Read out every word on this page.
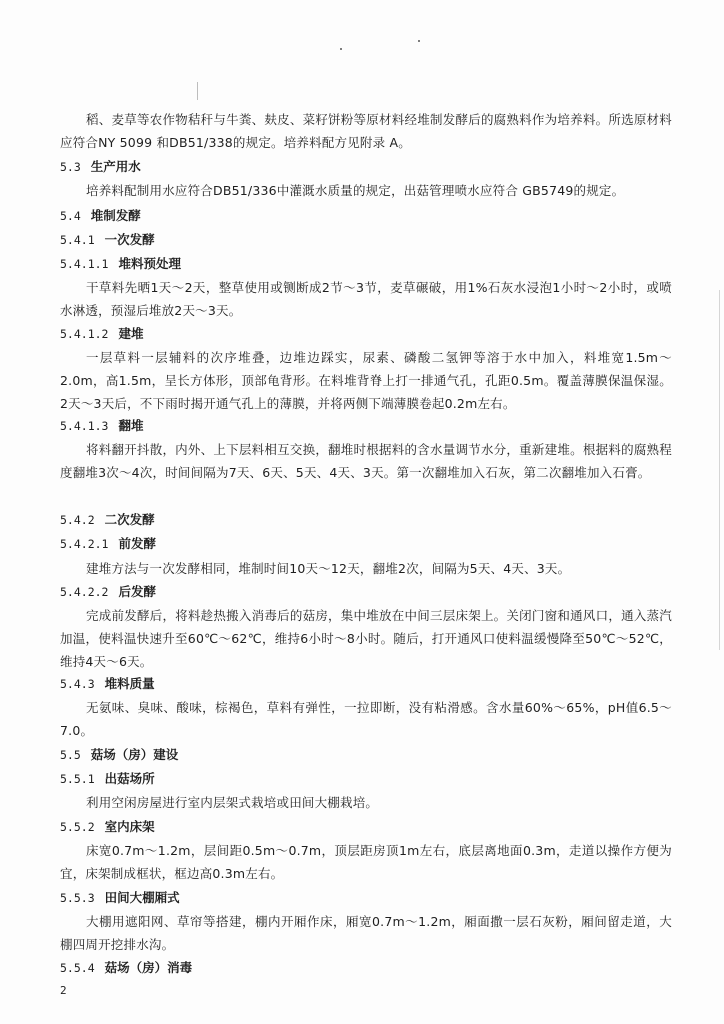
稻、麦草等农作物秸秆与牛粪、麸皮、菜籽饼粉等原材料经堆制发酵后的腐熟料作为培养料。所选原材料应符合NY 5099 和DB51/338的规定。培养料配方见附录 A。
5.3 生产用水
培养料配制用水应符合DB51/336中灌溉水质量的规定，出菇管理喷水应符合 GB5749的规定。
5.4 堆制发酵
5.4.1 一次发酵
5.4.1.1 堆料预处理
干草料先晒1天～2天，整草使用或铡断成2节～3节，麦草碾破，用1%石灰水浸泡1小时～2小时，或喷水淋透，预湿后堆放2天～3天。
5.4.1.2 建堆
一层草料一层辅料的次序堆叠，边堆边踩实，尿素、磷酸二氢钾等溶于水中加入，料堆宽1.5m～2.0m，高1.5m，呈长方体形，顶部龟背形。在料堆背脊上打一排通气孔，孔距0.5m。覆盖薄膜保温保湿。2天～3天后，不下雨时揭开通气孔上的薄膜，并将两侧下端薄膜卷起0.2m左右。
5.4.1.3 翻堆
将料翻开抖散，内外、上下层料相互交换，翻堆时根据料的含水量调节水分，重新建堆。根据料的腐熟程度翻堆3次～4次，时间间隔为7天、6天、5天、4天、3天。第一次翻堆加入石灰，第二次翻堆加入石膏。
5.4.2 二次发酵
5.4.2.1 前发酵
建堆方法与一次发酵相同，堆制时间10天～12天，翻堆2次，间隔为5天、4天、3天。
5.4.2.2 后发酵
完成前发酵后，将料趁热搬入消毒后的菇房，集中堆放在中间三层床架上。关闭门窗和通风口，通入蒸汽加温，使料温快速升至60℃～62℃，维持6小时～8小时。随后，打开通风口使料温缓慢降至50℃～52℃，维持4天～6天。
5.4.3 堆料质量
无氨味、臭味、酸味，棕褐色，草料有弹性，一拉即断，没有粘滑感。含水量60%～65%，pH值6.5～7.0。
5.5 菇场（房）建设
5.5.1 出菇场所
利用空闲房屋进行室内层架式栽培或田间大棚栽培。
5.5.2 室内床架
床宽0.7m～1.2m，层间距0.5m～0.7m，顶层距房顶1m左右，底层离地面0.3m，走道以操作方便为宜，床架制成框状，框边高0.3m左右。
5.5.3 田间大棚厢式
大棚用遮阳网、草帘等搭建，棚内开厢作床，厢宽0.7m～1.2m，厢面撒一层石灰粉，厢间留走道，大棚四周开挖排水沟。
5.5.4 菇场（房）消毒
2
